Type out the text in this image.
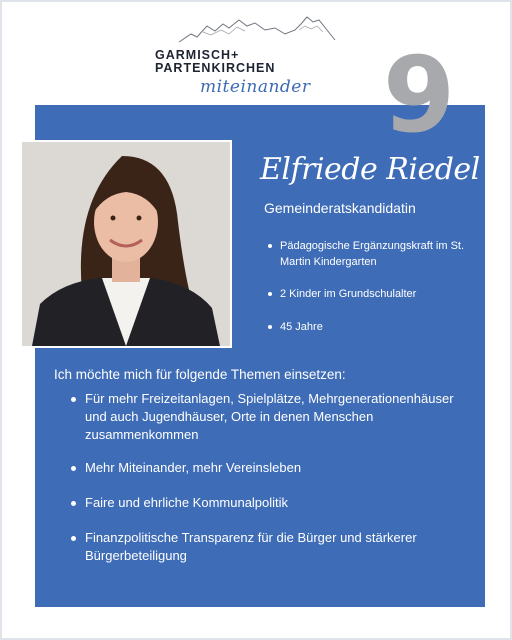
GARMISCH+
PARTENKIRCHEN
miteinander 9
Elfriede Riedel
Gemeinderatskandidatin
Pädagogische Ergänzungskraft im St. Martin Kindergarten
2 Kinder im Grundschulalter
45 Jahre
Ich möchte mich für folgende Themen einsetzen:
Für mehr Freizeitanlagen, Spielplätze, Mehrgenerationenhäuser und auch Jugendhäuser, Orte in denen Menschen zusammenkommen
Mehr Miteinander, mehr Vereinsleben
Faire und ehrliche Kommunalpolitik
Finanzpolitische Transparenz für die Bürger und stärkerer Bürgerbeteiligung
